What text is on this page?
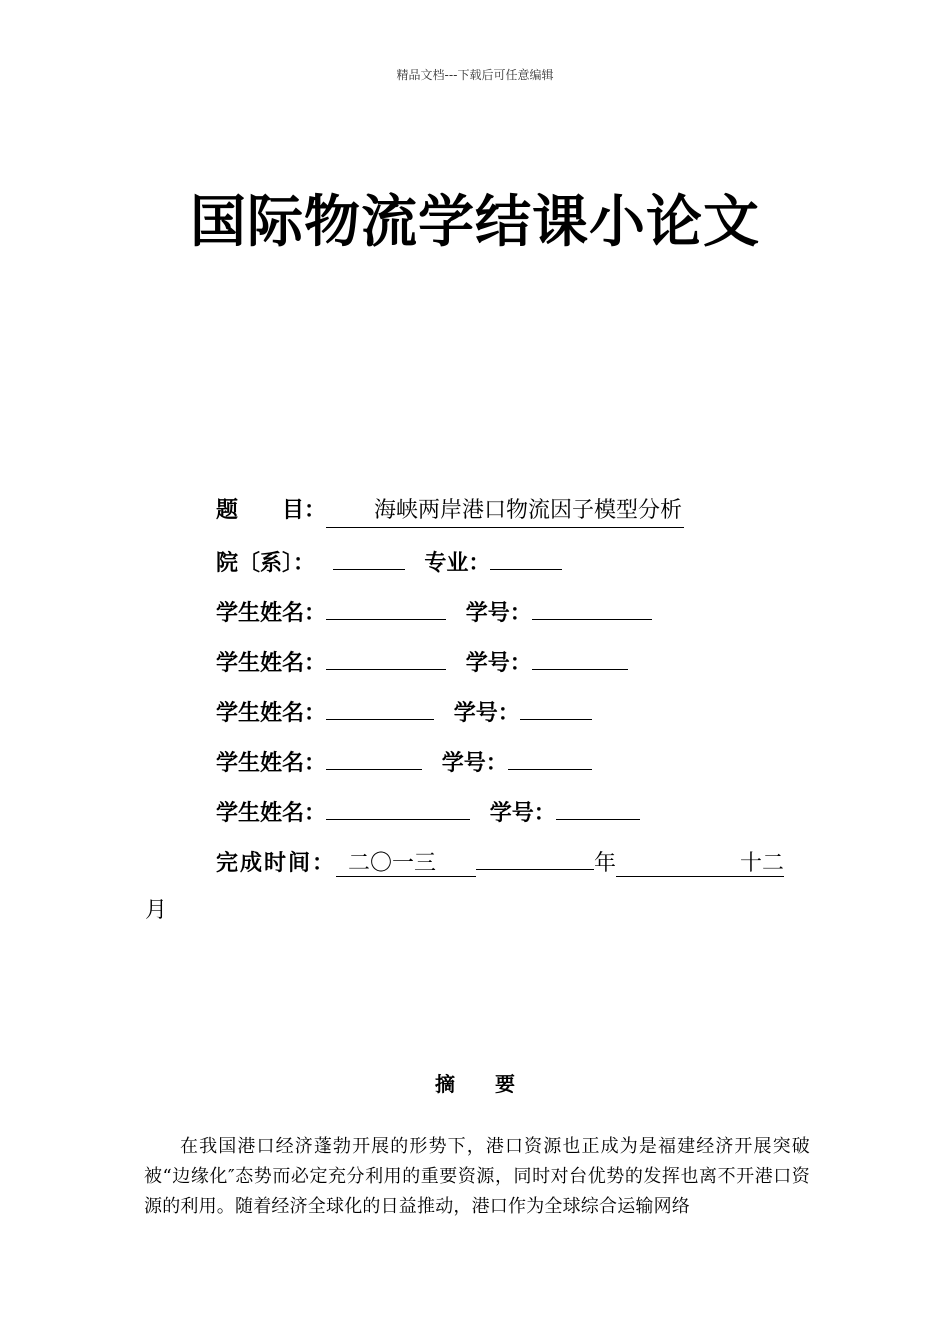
精品文档---下载后可任意编辑
国际物流学结课小论文
题　　目： 海峡两岸港口物流因子模型分析
院〔系〕：	专业：
学生姓名：	学号：
学生姓名：	学号：
学生姓名：	学号：
学生姓名：	学号：
学生姓名：	学号：
完成时间： 二〇一三	年	十二
月
摘　　要
在我国港口经济蓬勃开展的形势下，港口资源也正成为是福建经济开展突破被“边缘化″态势而必定充分利用的重要资源，同时对台优势的发挥也离不开港口资源的利用。随着经济全球化的日益推动，港口作为全球综合运输网络
